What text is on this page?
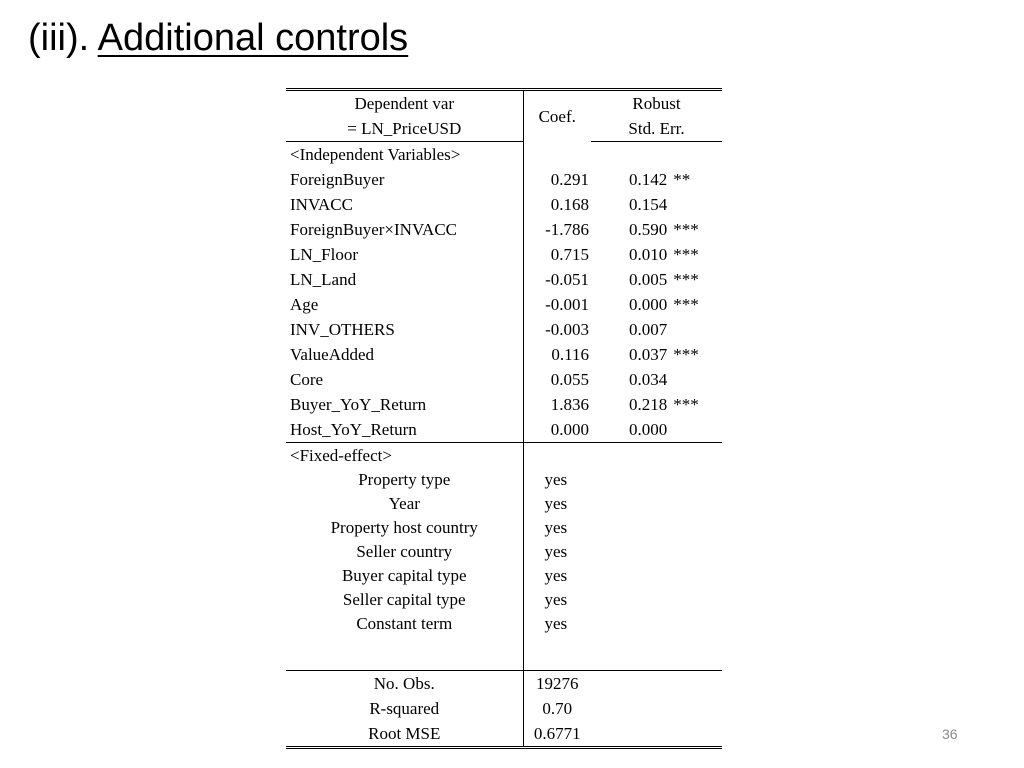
(iii). Additional controls
Dependent var	Coef.	Robust
= LN_PriceUSD		Std. Err.
<Independent Variables>		
ForeignBuyer	0.291	0.142 **
INVACC	0.168	0.154
ForeignBuyer×INVACC	-1.786	0.590 ***
LN_Floor	0.715	0.010 ***
LN_Land	-0.051	0.005 ***
Age	-0.001	0.000 ***
INV_OTHERS	-0.003	0.007
ValueAdded	0.116	0.037 ***
Core	0.055	0.034
Buyer_YoY_Return	1.836	0.218 ***
Host_YoY_Return	0.000	0.000
<Fixed-effect>		
Property type	yes	
Year	yes	
Property host country	yes	
Seller country	yes	
Buyer capital type	yes	
Seller capital type	yes	
Constant term	yes	

No. Obs.	19276	
R-squared	0.70	
Root MSE	0.6771		36
